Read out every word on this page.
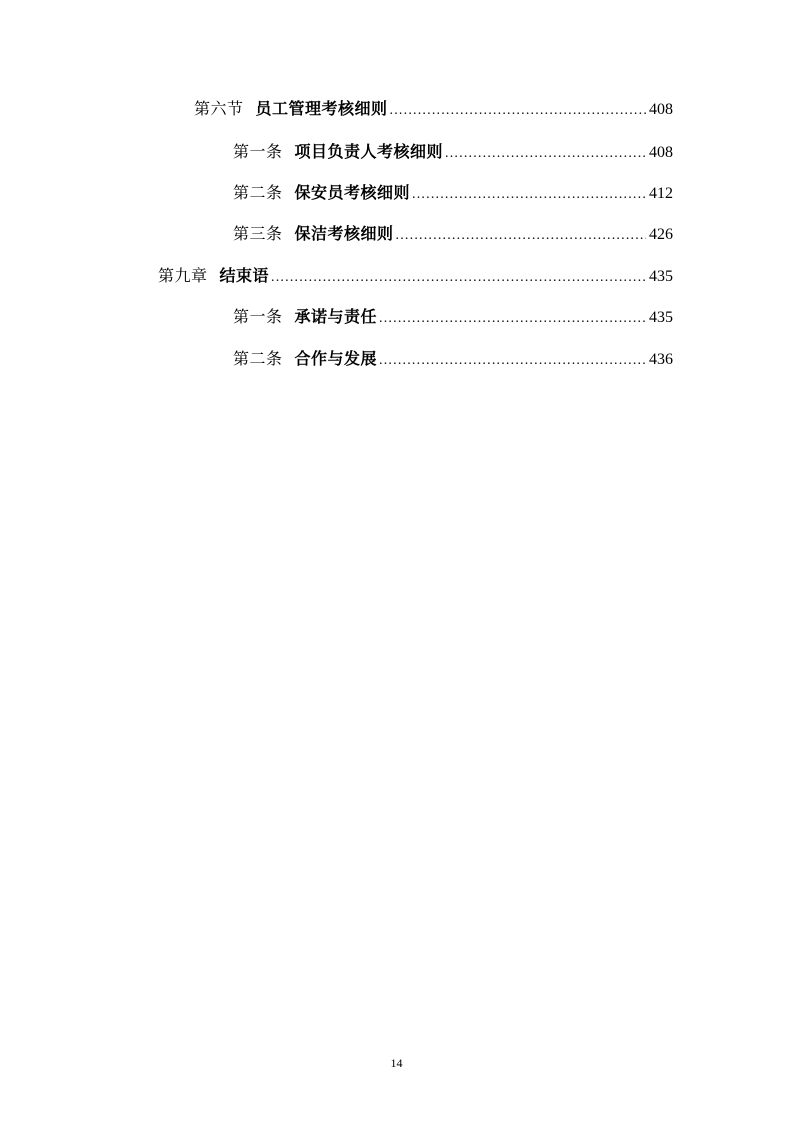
第六节 员工管理考核细则 .....	408
第一条 项目负责人考核细则 .....	408
第二条 保安员考核细则 .....	412
第三条 保洁考核细则 .....	426
第九章 结束语 .....	435
第一条 承诺与责任 .....	435
第二条 合作与发展 .....	436
14
